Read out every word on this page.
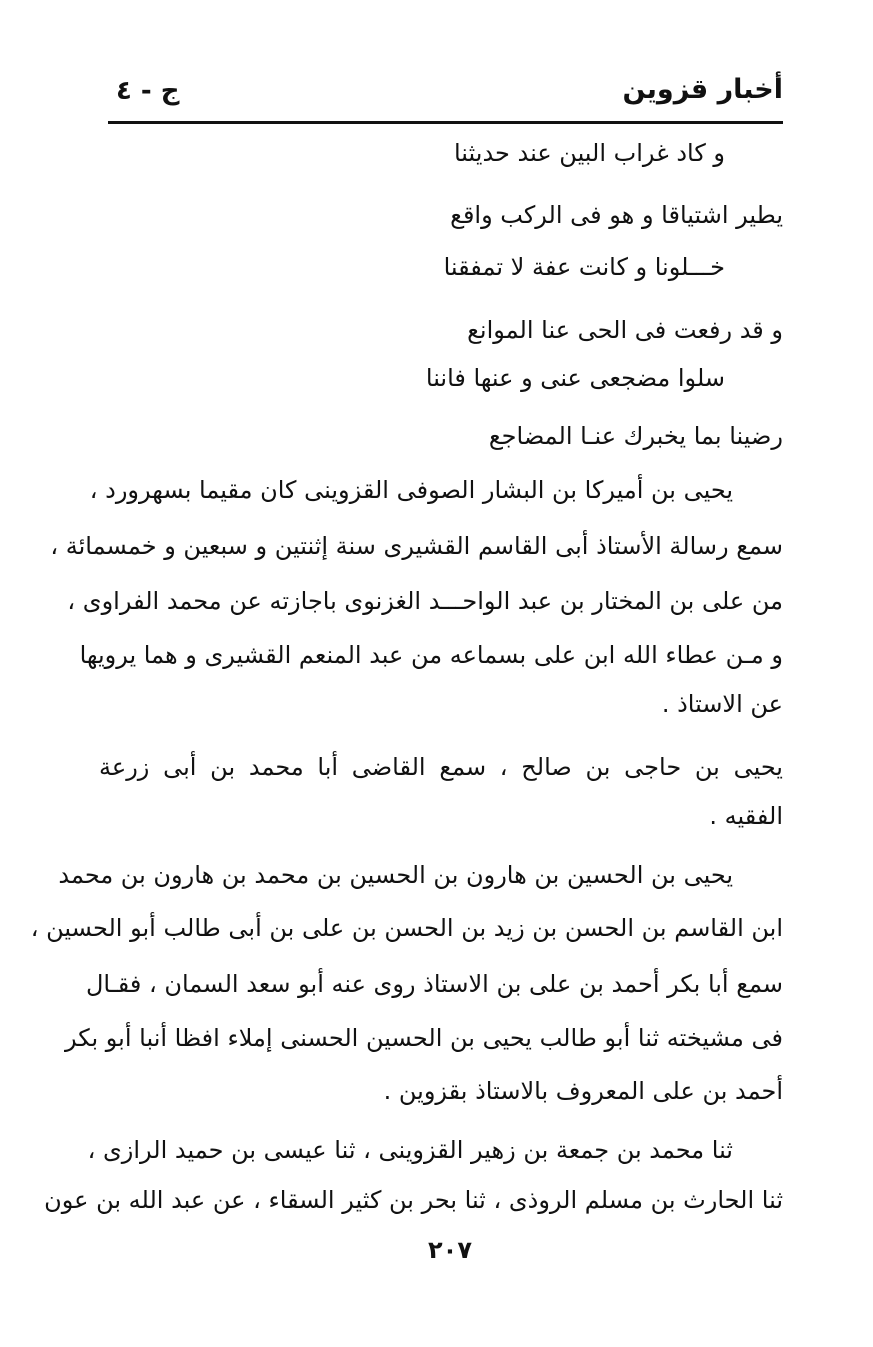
أخبار قزوين
ج - ٤
و كاد غراب البين عند حديثنا
يطير اشتياقا و هو فى الركب واقع
خـــلونا و كانت عفة لا تمفقنا
و قد رفعت فى الحى عنا الموانع
سلوا مضجعى عنى و عنها فاننا
رضينا بما يخبرك عنـا المضاجع
يحيى بن أميركا بن البشار الصوفى القزوينى كان مقيما بسهرورد ،
سمع رسالة الأستاذ أبى القاسم القشيرى سنة إثنتين و سبعين و خمسمائة ،
من على بن المختار بن عبد الواحـــد الغزنوى باجازته عن محمد الفراوى ،
و مـن عطاء الله ابن على بسماعه من عبد المنعم القشيرى و هما يرويها
عن الاستاذ .
يحيى بن حاجى بن صالح ، سمع القاضى أبا محمد بن أبى زرعة
الفقيه .
يحيى بن الحسين بن هارون بن الحسين بن محمد بن هارون بن محمد
ابن القاسم بن الحسن بن زيد بن الحسن بن على بن أبى طالب أبو الحسين ،
سمع أبا بكر أحمد بن على بن الاستاذ روى عنه أبو سعد السمان ، فقـال
فى مشيخته ثنا أبو طالب يحيى بن الحسين الحسنى إملاء افظا أنبا أبو بكر
أحمد بن على المعروف بالاستاذ بقزوين .
ثنا محمد بن جمعة بن زهير القزوينى ، ثنا عيسى بن حميد الرازى ،
ثنا الحارث بن مسلم الروذى ، ثنا بحر بن كثير السقاء ، عن عبد الله بن عون
٢٠٧
